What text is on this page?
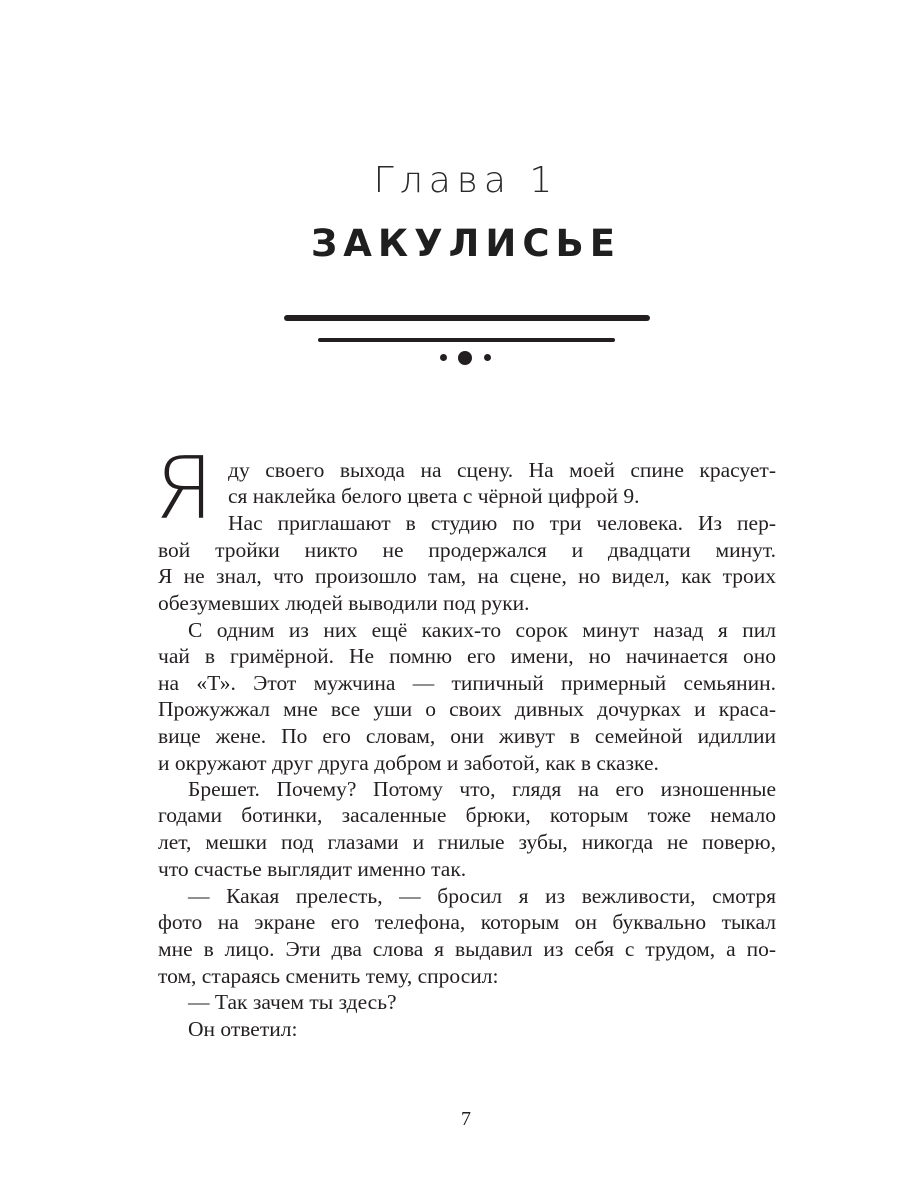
Глава 1
ЗАКУЛИСЬЕ
Я ду своего выхода на сцену. На моей спине красует-
ся наклейка белого цвета с чёрной цифрой 9.
Нас приглашают в студию по три человека. Из пер-
вой тройки никто не продержался и двадцати минут.
Я не знал, что произошло там, на сцене, но видел, как троих
обезумевших людей выводили под руки.
С одним из них ещё каких-то сорок минут назад я пил
чай в гримёрной. Не помню его имени, но начинается оно
на «Т». Этот мужчина — типичный примерный семьянин.
Прожужжал мне все уши о своих дивных дочурках и краса-
вице жене. По его словам, они живут в семейной идиллии
и окружают друг друга добром и заботой, как в сказке.
Брешет. Почему? Потому что, глядя на его изношенные
годами ботинки, засаленные брюки, которым тоже немало
лет, мешки под глазами и гнилые зубы, никогда не поверю,
что счастье выглядит именно так.
— Какая прелесть, — бросил я из вежливости, смотря
фото на экране его телефона, которым он буквально тыкал
мне в лицо. Эти два слова я выдавил из себя с трудом, а по-
том, стараясь сменить тему, спросил:
— Так зачем ты здесь?
Он ответил:
7
